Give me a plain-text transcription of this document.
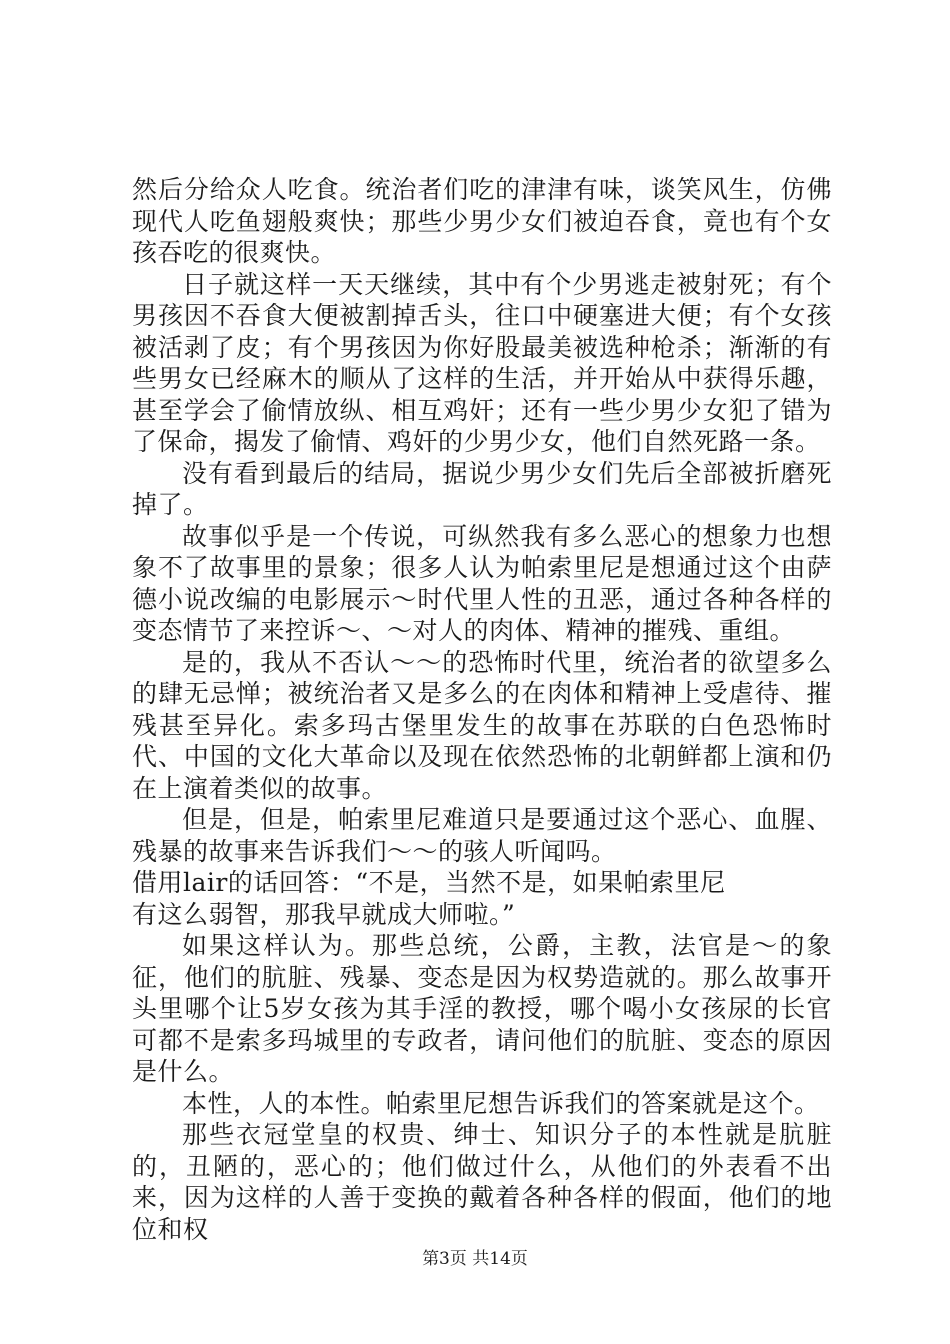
然后分给众人吃食。统治者们吃的津津有味，谈笑风生，仿佛现代人吃鱼翅般爽快；那些少男少女们被迫吞食，竟也有个女孩吞吃的很爽快。

日子就这样一天天继续，其中有个少男逃走被射死；有个男孩因不吞食大便被割掉舌头，往口中硬塞进大便；有个女孩被活剥了皮；有个男孩因为你好股最美被选种枪杀；渐渐的有些男女已经麻木的顺从了这样的生活，并开始从中获得乐趣，甚至学会了偷情放纵、相互鸡奸；还有一些少男少女犯了错为了保命，揭发了偷情、鸡奸的少男少女，他们自然死路一条。

没有看到最后的结局，据说少男少女们先后全部被折磨死掉了。

故事似乎是一个传说，可纵然我有多么恶心的想象力也想象不了故事里的景象；很多人认为帕索里尼是想通过这个由萨德小说改编的电影展示～时代里人性的丑恶，通过各种各样的变态情节了来控诉～、～对人的肉体、精神的摧残、重组。

是的，我从不否认～～的恐怖时代里，统治者的欲望多么的肆无忌惮；被统治者又是多么的在肉体和精神上受虐待、摧残甚至异化。索多玛古堡里发生的故事在苏联的白色恐怖时代、中国的文化大革命以及现在依然恐怖的北朝鲜都上演和仍在上演着类似的故事。

但是，但是，帕索里尼难道只是要通过这个恶心、血腥、残暴的故事来告诉我们～～的骇人听闻吗。

借用lair的话回答：“不是，当然不是，如果帕索里尼

有这么弱智，那我早就成大师啦。”

如果这样认为。那些总统，公爵，主教，法官是～的象征，他们的肮脏、残暴、变态是因为权势造就的。那么故事开头里哪个让5岁女孩为其手淫的教授，哪个喝小女孩尿的长官可都不是索多玛城里的专政者，请问他们的肮脏、变态的原因是什么。

本性，人的本性。帕索里尼想告诉我们的答案就是这个。

那些衣冠堂皇的权贵、绅士、知识分子的本性就是肮脏的，丑陋的，恶心的；他们做过什么，从他们的外表看不出来，因为这样的人善于变换的戴着各种各样的假面，他们的地位和权

第3页 共14页
